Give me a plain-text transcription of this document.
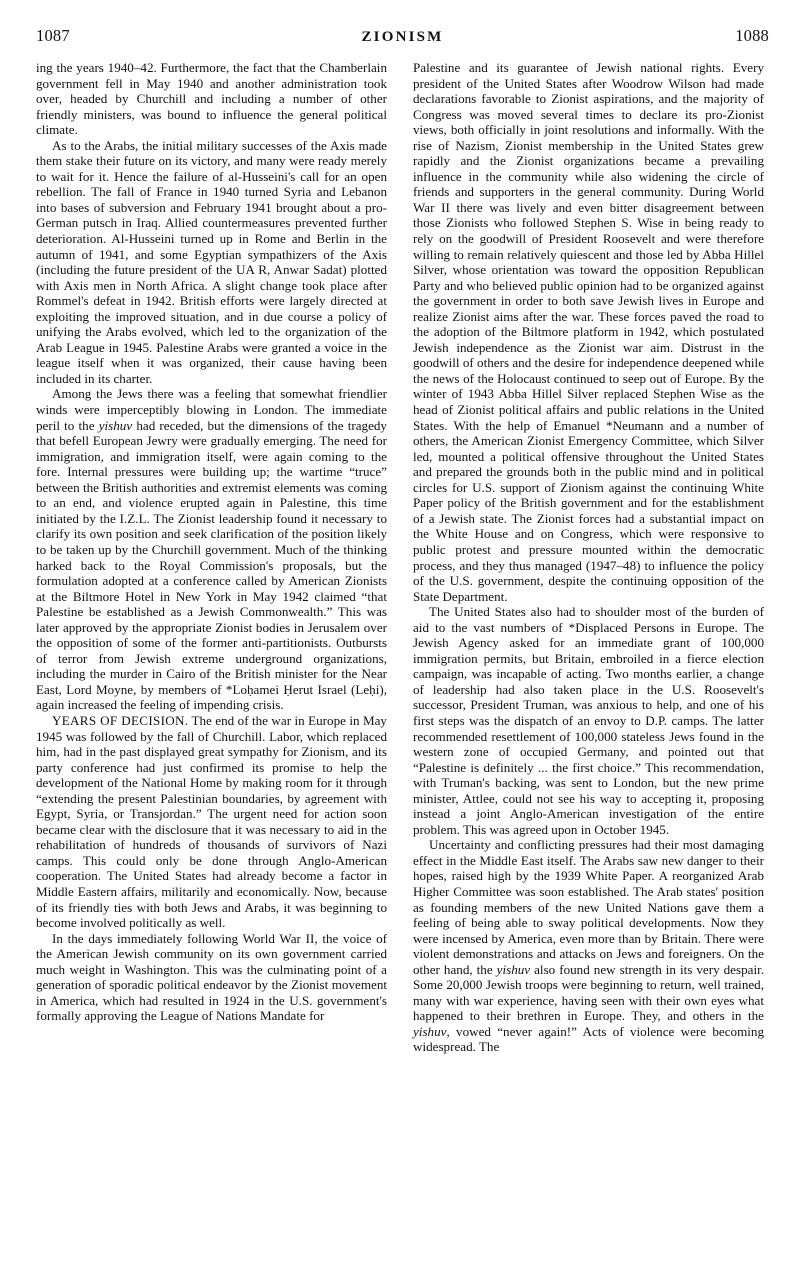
1087	ZIONISM	1088

ing the years 1940–42. Furthermore, the fact that the Chamberlain government fell in May 1940 and another administration took over, headed by Churchill and including a number of other friendly ministers, was bound to influence the general political climate.

As to the Arabs, the initial military successes of the Axis made them stake their future on its victory, and many were ready merely to wait for it. Hence the failure of al-Husseini's call for an open rebellion. The fall of France in 1940 turned Syria and Lebanon into bases of subversion and February 1941 brought about a pro-German putsch in Iraq. Allied countermeasures prevented further deterioration. Al-Husseini turned up in Rome and Berlin in the autumn of 1941, and some Egyptian sympathizers of the Axis (including the future president of the UA R, Anwar Sadat) plotted with Axis men in North Africa. A slight change took place after Rommel's defeat in 1942. British efforts were largely directed at exploiting the improved situation, and in due course a policy of unifying the Arabs evolved, which led to the organization of the Arab League in 1945. Palestine Arabs were granted a voice in the league itself when it was organized, their cause having been included in its charter.

Among the Jews there was a feeling that somewhat friendlier winds were imperceptibly blowing in London. The immediate peril to the yishuv had receded, but the dimensions of the tragedy that befell European Jewry were gradually emerging. The need for immigration, and immigration itself, were again coming to the fore. Internal pressures were building up; the wartime “truce” between the British authorities and extremist elements was coming to an end, and violence erupted again in Palestine, this time initiated by the I.Z.L. The Zionist leadership found it necessary to clarify its own position and seek clarification of the position likely to be taken up by the Churchill government. Much of the thinking harked back to the Royal Commission's proposals, but the formulation adopted at a conference called by American Zionists at the Biltmore Hotel in New York in May 1942 claimed “that Palestine be established as a Jewish Commonwealth.” This was later approved by the appropriate Zionist bodies in Jerusalem over the opposition of some of the former anti-partitionists. Outbursts of terror from Jewish extreme underground organizations, including the murder in Cairo of the British minister for the Near East, Lord Moyne, by members of *Loḥamei Ḥerut Israel (Leḥi), again increased the feeling of impending crisis.

YEARS OF DECISION. The end of the war in Europe in May 1945 was followed by the fall of Churchill. Labor, which replaced him, had in the past displayed great sympathy for Zionism, and its party conference had just confirmed its promise to help the development of the National Home by making room for it through “extending the present Palestinian boundaries, by agreement with Egypt, Syria, or Transjordan.” The urgent need for action soon became clear with the disclosure that it was necessary to aid in the rehabilitation of hundreds of thousands of survivors of Nazi camps. This could only be done through Anglo-American cooperation. The United States had already become a factor in Middle Eastern affairs, militarily and economically. Now, because of its friendly ties with both Jews and Arabs, it was beginning to become involved politically as well.

In the days immediately following World War II, the voice of the American Jewish community on its own government carried much weight in Washington. This was the culminating point of a generation of sporadic political endeavor by the Zionist movement in America, which had resulted in 1924 in the U.S. government's formally approving the League of Nations Mandate for

Palestine and its guarantee of Jewish national rights. Every president of the United States after Woodrow Wilson had made declarations favorable to Zionist aspirations, and the majority of Congress was moved several times to declare its pro-Zionist views, both officially in joint resolutions and informally. With the rise of Nazism, Zionist membership in the United States grew rapidly and the Zionist organizations became a prevailing influence in the community while also widening the circle of friends and supporters in the general community. During World War II there was lively and even bitter disagreement between those Zionists who followed Stephen S. Wise in being ready to rely on the goodwill of President Roosevelt and were therefore willing to remain relatively quiescent and those led by Abba Hillel Silver, whose orientation was toward the opposition Republican Party and who believed public opinion had to be organized against the government in order to both save Jewish lives in Europe and realize Zionist aims after the war. These forces paved the road to the adoption of the Biltmore platform in 1942, which postulated Jewish independence as the Zionist war aim. Distrust in the goodwill of others and the desire for independence deepened while the news of the Holocaust continued to seep out of Europe. By the winter of 1943 Abba Hillel Silver replaced Stephen Wise as the head of Zionist political affairs and public relations in the United States. With the help of Emanuel *Neumann and a number of others, the American Zionist Emergency Committee, which Silver led, mounted a political offensive throughout the United States and prepared the grounds both in the public mind and in political circles for U.S. support of Zionism against the continuing White Paper policy of the British government and for the establishment of a Jewish state. The Zionist forces had a substantial impact on the White House and on Congress, which were responsive to public protest and pressure mounted within the democratic process, and they thus managed (1947–48) to influence the policy of the U.S. government, despite the continuing opposition of the State Department.

The United States also had to shoulder most of the burden of aid to the vast numbers of *Displaced Persons in Europe. The Jewish Agency asked for an immediate grant of 100,000 immigration permits, but Britain, embroiled in a fierce election campaign, was incapable of acting. Two months earlier, a change of leadership had also taken place in the U.S. Roosevelt's successor, President Truman, was anxious to help, and one of his first steps was the dispatch of an envoy to D.P. camps. The latter recommended resettlement of 100,000 stateless Jews found in the western zone of occupied Germany, and pointed out that “Palestine is definitely ... the first choice.” This recommendation, with Truman's backing, was sent to London, but the new prime minister, Attlee, could not see his way to accepting it, proposing instead a joint Anglo-American investigation of the entire problem. This was agreed upon in October 1945.

Uncertainty and conflicting pressures had their most damaging effect in the Middle East itself. The Arabs saw new danger to their hopes, raised high by the 1939 White Paper. A reorganized Arab Higher Committee was soon established. The Arab states' position as founding members of the new United Nations gave them a feeling of being able to sway political developments. Now they were incensed by America, even more than by Britain. There were violent demonstrations and attacks on Jews and foreigners. On the other hand, the yishuv also found new strength in its very despair. Some 20,000 Jewish troops were beginning to return, well trained, many with war experience, having seen with their own eyes what happened to their brethren in Europe. They, and others in the yishuv, vowed “never again!” Acts of violence were becoming widespread. The
